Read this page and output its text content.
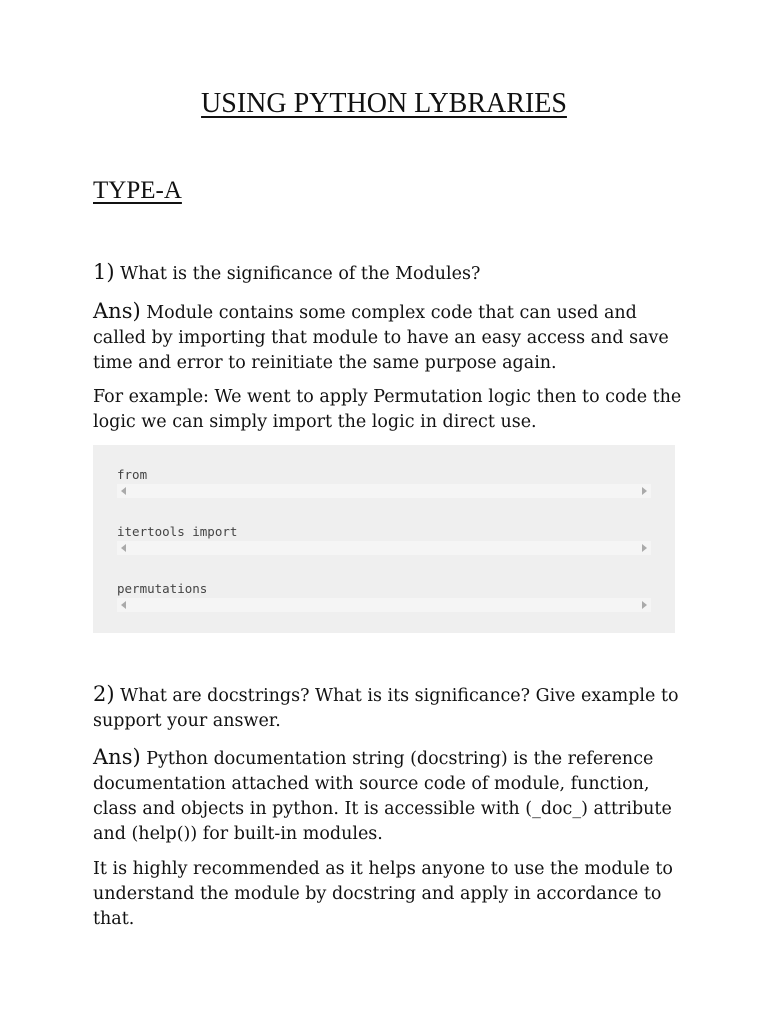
USING PYTHON LYBRARIES
TYPE-A
1) What is the significance of the Modules?
Ans) Module contains some complex code that can used and called by importing that module to have an easy access and save time and error to reinitiate the same purpose again.
For example: We went to apply Permutation logic then to code the logic we can simply import the logic in direct use.
from
itertools import
permutations
2) What are docstrings? What is its significance? Give example to support your answer.
Ans) Python documentation string (docstring) is the reference documentation attached with source code of module, function, class and objects in python. It is accessible with (_doc_) attribute and (help()) for built-in modules.
It is highly recommended as it helps anyone to use the module to understand the module by docstring and apply in accordance to that.
